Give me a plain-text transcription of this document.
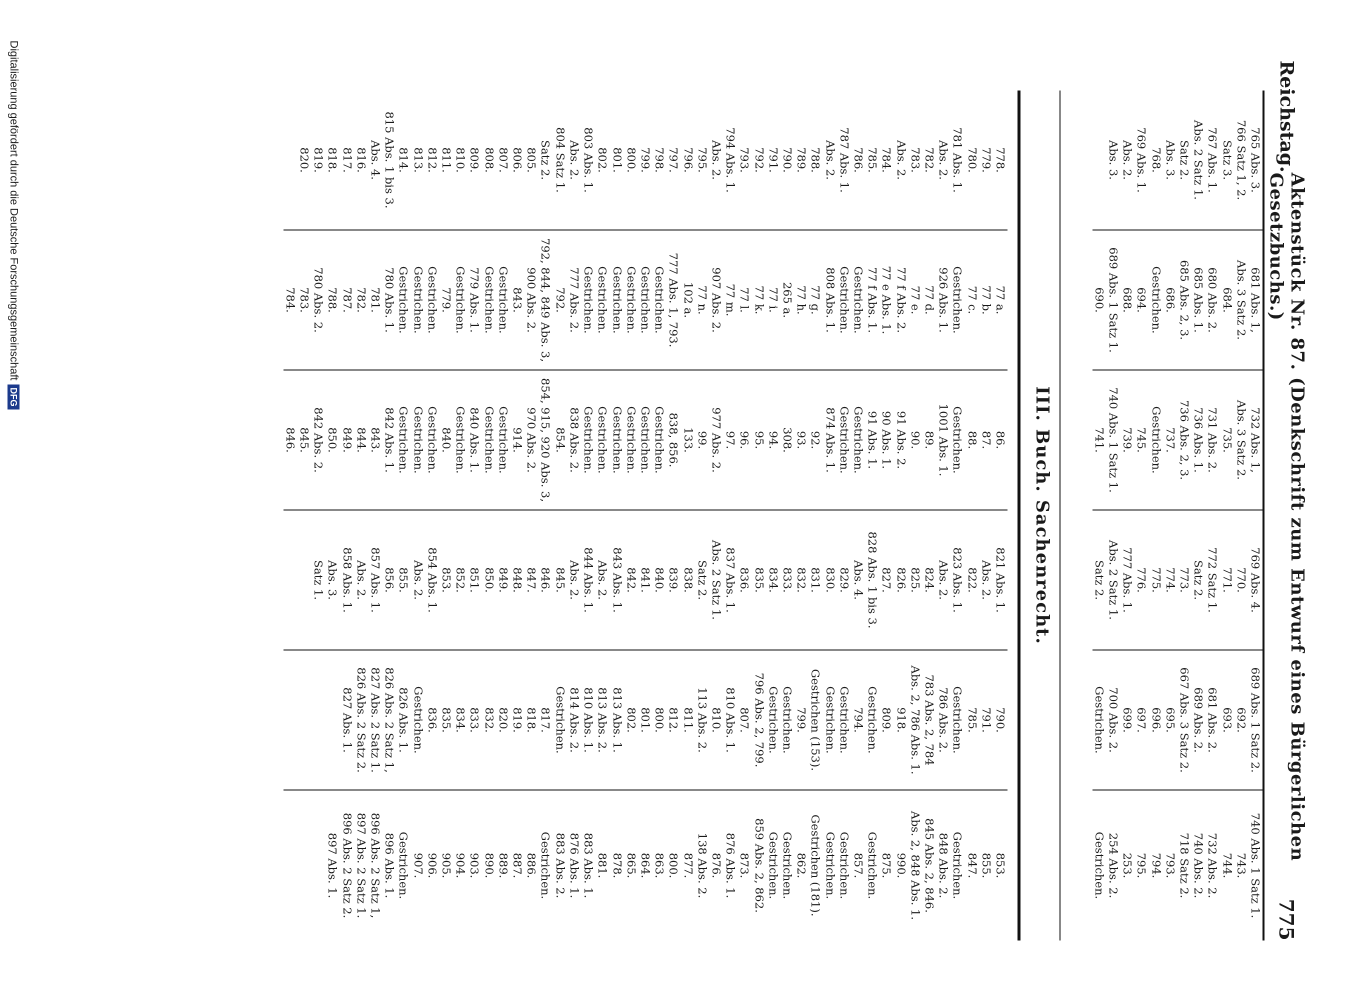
Reichstag.
Aktenstück Nr. 87. (Denkschrift zum Entwurf eines Bürgerlichen Gesetzbuchs.)
775
765 Abs. 3.
766 Satz 1, 2.
Satz 3.
767 Abs. 1.
Abs. 2 Satz 1.
Satz 2.
Abs. 3.
768.
769 Abs. 1.
Abs. 2.
Abs. 3.
681 Abs. 1,
Abs. 3 Satz 2.
684.
680 Abs. 2.
685 Abs. 1.
685 Abs. 2, 3.
686.
Gestrichen.
694.
688.
689 Abs. 1 Satz 1.
690.
732 Abs. 1,
Abs. 3 Satz 2.
735.
731 Abs. 2.
736 Abs. 1.
736 Abs. 2, 3.
737.
Gestrichen.
745.
739.
740 Abs. 1 Satz 1.
741.
769 Abs. 4.
770.
771.
772 Satz 1.
Satz 2.
773.
774.
775.
776.
777 Abs. 1.
Abs. 2 Satz 1.
Satz 2.
689 Abs. 1 Satz 2.
692.
693.
681 Abs. 2.
689 Abs. 2.
667 Abs. 3 Satz 2.
695.
696.
697.
699.
700 Abs. 2.
Gestrichen.
740 Abs. 1 Satz 1.
743.
744.
732 Abs. 2.
740 Abs. 2.
718 Satz 2.
793.
794.
795.
253.
254 Abs. 2.
Gestrichen.
III. Buch. Sachenrecht.
778.
779.
780.
781 Abs. 1.
Abs. 2.
782.
783.
Abs. 2.
784.
785.
786.
787 Abs. 1.
Abs. 2.
788.
789.
790.
791.
792.
793.
794 Abs. 1.
Abs. 2.
795.
796.
797.
798.
799.
800.
801.
802.
803 Abs. 1.
Abs. 2.
804 Satz 1.
Satz 2.
805.
806.
807.
808.
809.
810.
811.
812.
813.
814.
815 Abs. 1 bis 3.
Abs. 4.
816.
817.
818.
819.
820.
77 a.
77 b.
77 c.
Gestrichen.
926 Abs. 1.
77 d.
77 e.
77 f Abs. 2.
77 e Abs. 1.
77 f Abs. 1.
Gestrichen.
Gestrichen.
808 Abs. 1.
77 g.
77 h.
265 a.
77 i.
77 k.
77 l.
77 m.
907 Abs. 2.
77 n.
102 a.
777 Abs. 1, 793.
Gestrichen.
Gestrichen.
Gestrichen.
Gestrichen.
Gestrichen.
Gestrichen.
777 Abs. 2.
792.
792, 844, 849 Abs. 3,
900 Abs. 2.
843.
Gestrichen.
Gestrichen.
779 Abs. 1.
Gestrichen.
779.
Gestrichen.
Gestrichen.
Gestrichen.
780 Abs. 1.
781.
782.
787.
788.
780 Abs. 2.
783.
784.
86.
87.
88.
Gestrichen.
1001 Abs. 1.
89.
90.
91 Abs. 2.
90 Abs. 1.
91 Abs. 1.
Gestrichen.
Gestrichen.
874 Abs. 1.
92.
93.
308.
94.
95.
96.
97.
977 Abs. 2.
99.
133.
838, 856.
Gestrichen.
Gestrichen.
Gestrichen.
Gestrichen.
Gestrichen.
Gestrichen.
838 Abs. 2.
854.
854, 915, 920 Abs. 3,
970 Abs. 2.
914.
Gestrichen.
Gestrichen.
840 Abs. 1.
Gestrichen.
840.
Gestrichen.
Gestrichen.
Gestrichen.
842 Abs. 1.
843.
844.
849.
850.
842 Abs. 2.
845.
846.
821 Abs. 1.
Abs. 2.
822.
823 Abs. 1.
Abs. 2.
824.
825.
826.
827.
828 Abs. 1 bis 3.
Abs. 4.
829.
830.
831.
832.
833.
834.
835.
836.
837 Abs. 1.
Abs. 2 Satz 1.
Satz 2.
838.
839.
840.
841.
842.
843 Abs. 1.
Abs. 2.
844 Abs. 1.
Abs. 2.
845.
846.
847.
848.
849.
850.
851.
852.
853.
854 Abs. 1.
Abs. 2.
855.
856.
857 Abs. 1.
Abs. 2.
858 Abs. 1.
Abs. 3.
Satz 1.
790.
791.
785.
Gestrichen.
786 Abs. 2.
783 Abs. 2, 784
Abs. 2, 786 Abs. 1.
918.
809.
Gestrichen.
794.
Gestrichen.
Gestrichen.
Gestrichen (153).
799.
Gestrichen.
Gestrichen.
796 Abs. 2, 799.
807.
810 Abs. 1.
810.
113 Abs. 2.
811.
812.
800.
801.
802.
813 Abs. 1.
813 Abs. 2.
810 Abs. 1.
814 Abs. 2.
Gestrichen.
817.
818.
819.
820.
832.
833.
834.
835.
836.
Gestrichen.
826 Abs. 1.
826 Abs. 2 Satz 1,
827 Abs. 2 Satz 1.
826 Abs. 2 Satz 2.
827 Abs. 1.
853.
855.
847.
Gestrichen.
848 Abs. 2.
845 Abs. 2, 846.
Abs. 2, 848 Abs. 1.
990.
875.
Gestrichen.
857.
Gestrichen.
Gestrichen.
Gestrichen (181).
862.
Gestrichen.
Gestrichen.
859 Abs. 2, 862.
873.
876 Abs. 1.
876.
138 Abs. 2.
877.
800.
863.
864.
865.
878.
881.
883 Abs. 1.
876 Abs. 1.
883 Abs. 2.
Gestrichen.
886.
887.
889.
890.
903.
904.
905.
906.
907.
Gestrichen.
896 Abs. 1.
896 Abs. 2 Satz 1,
897 Abs. 2 Satz 1.
896 Abs. 2 Satz 2.
897 Abs. 1.
Digitalisierung gefördert durch die Deutsche Forschungsgemeinschaft
DFG
